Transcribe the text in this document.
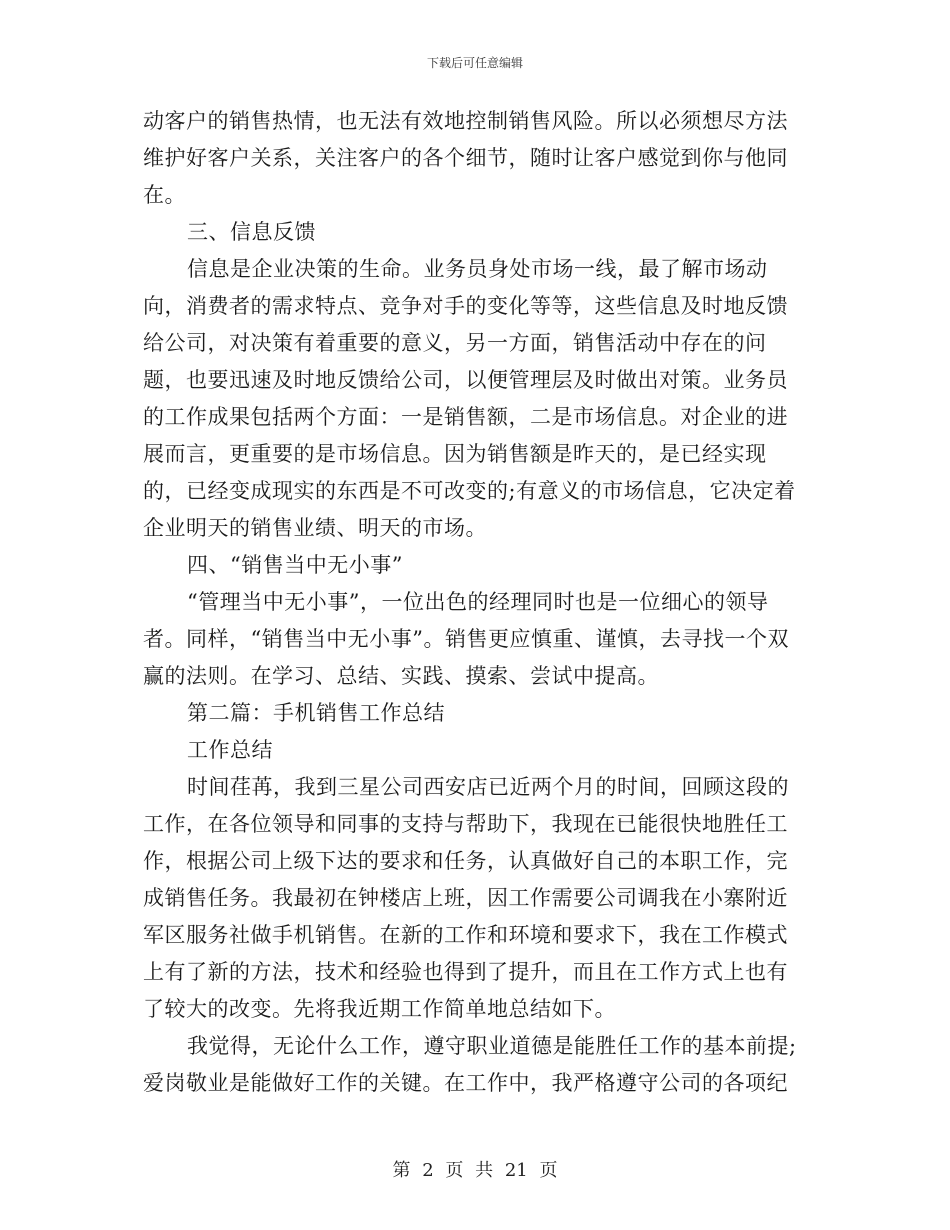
下载后可任意编辑

动客户的销售热情，也无法有效地控制销售风险。所以必须想尽方法维护好客户关系，关注客户的各个细节，随时让客户感觉到你与他同在。

三、信息反馈

信息是企业决策的生命。业务员身处市场一线，最了解市场动向，消费者的需求特点、竞争对手的变化等等，这些信息及时地反馈给公司，对决策有着重要的意义，另一方面，销售活动中存在的问题，也要迅速及时地反馈给公司，以便管理层及时做出对策。业务员的工作成果包括两个方面：一是销售额，二是市场信息。对企业的进展而言，更重要的是市场信息。因为销售额是昨天的，是已经实现的，已经变成现实的东西是不可改变的;有意义的市场信息，它决定着企业明天的销售业绩、明天的市场。

四、“销售当中无小事”

“管理当中无小事”，一位出色的经理同时也是一位细心的领导者。同样，“销售当中无小事”。销售更应慎重、谨慎，去寻找一个双赢的法则。在学习、总结、实践、摸索、尝试中提高。

第二篇：手机销售工作总结

工作总结

时间荏苒，我到三星公司西安店已近两个月的时间，回顾这段的工作，在各位领导和同事的支持与帮助下，我现在已能很快地胜任工作，根据公司上级下达的要求和任务，认真做好自己的本职工作，完成销售任务。我最初在钟楼店上班，因工作需要公司调我在小寨附近军区服务社做手机销售。在新的工作和环境和要求下，我在工作模式上有了新的方法，技术和经验也得到了提升，而且在工作方式上也有了较大的改变。先将我近期工作简单地总结如下。

我觉得，无论什么工作，遵守职业道德是能胜任工作的基本前提;爱岗敬业是能做好工作的关键。在工作中，我严格遵守公司的各项纪

第 2 页 共 21 页
